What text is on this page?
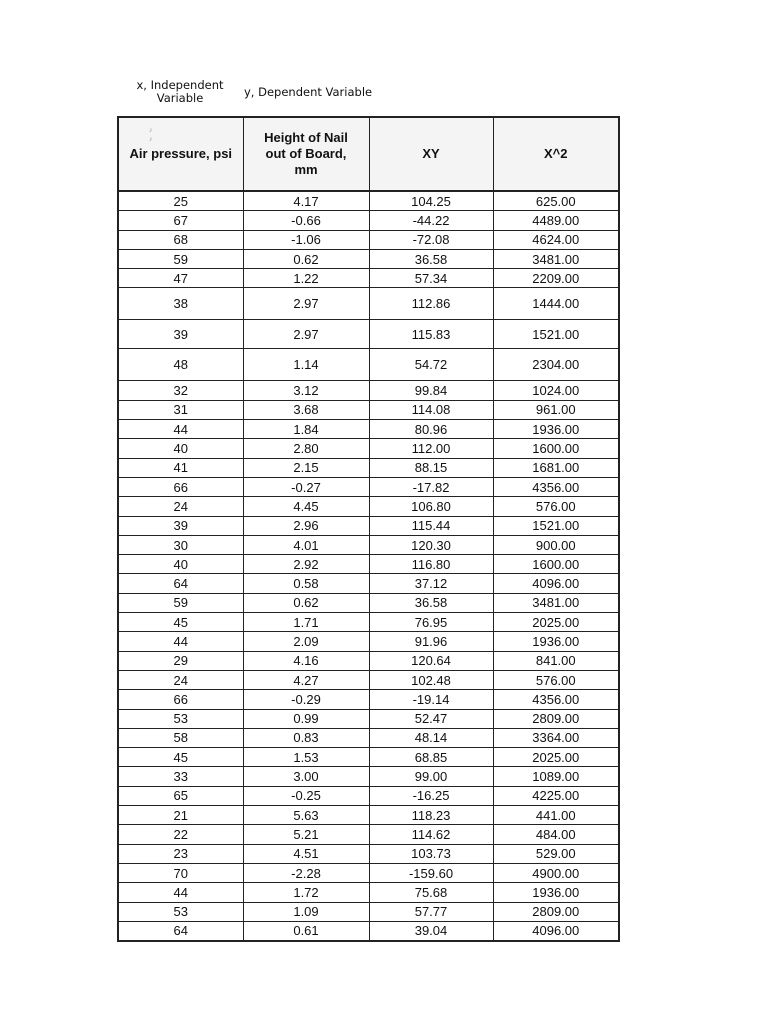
x, Independent Variable	y, Dependent Variable
♪
♪
Air pressure, psi	Height of Nail out of Board, mm	XY	X^2
25	4.17	104.25	625.00
67	-0.66	-44.22	4489.00
68	-1.06	-72.08	4624.00
59	0.62	36.58	3481.00
47	1.22	57.34	2209.00
38	2.97	112.86	1444.00
39	2.97	115.83	1521.00
48	1.14	54.72	2304.00
32	3.12	99.84	1024.00
31	3.68	114.08	961.00
44	1.84	80.96	1936.00
40	2.80	112.00	1600.00
41	2.15	88.15	1681.00
66	-0.27	-17.82	4356.00
24	4.45	106.80	576.00
39	2.96	115.44	1521.00
30	4.01	120.30	900.00
40	2.92	116.80	1600.00
64	0.58	37.12	4096.00
59	0.62	36.58	3481.00
45	1.71	76.95	2025.00
44	2.09	91.96	1936.00
29	4.16	120.64	841.00
24	4.27	102.48	576.00
66	-0.29	-19.14	4356.00
53	0.99	52.47	2809.00
58	0.83	48.14	3364.00
45	1.53	68.85	2025.00
33	3.00	99.00	1089.00
65	-0.25	-16.25	4225.00
21	5.63	118.23	441.00
22	5.21	114.62	484.00
23	4.51	103.73	529.00
70	-2.28	-159.60	4900.00
44	1.72	75.68	1936.00
53	1.09	57.77	2809.00
64	0.61	39.04	4096.00
